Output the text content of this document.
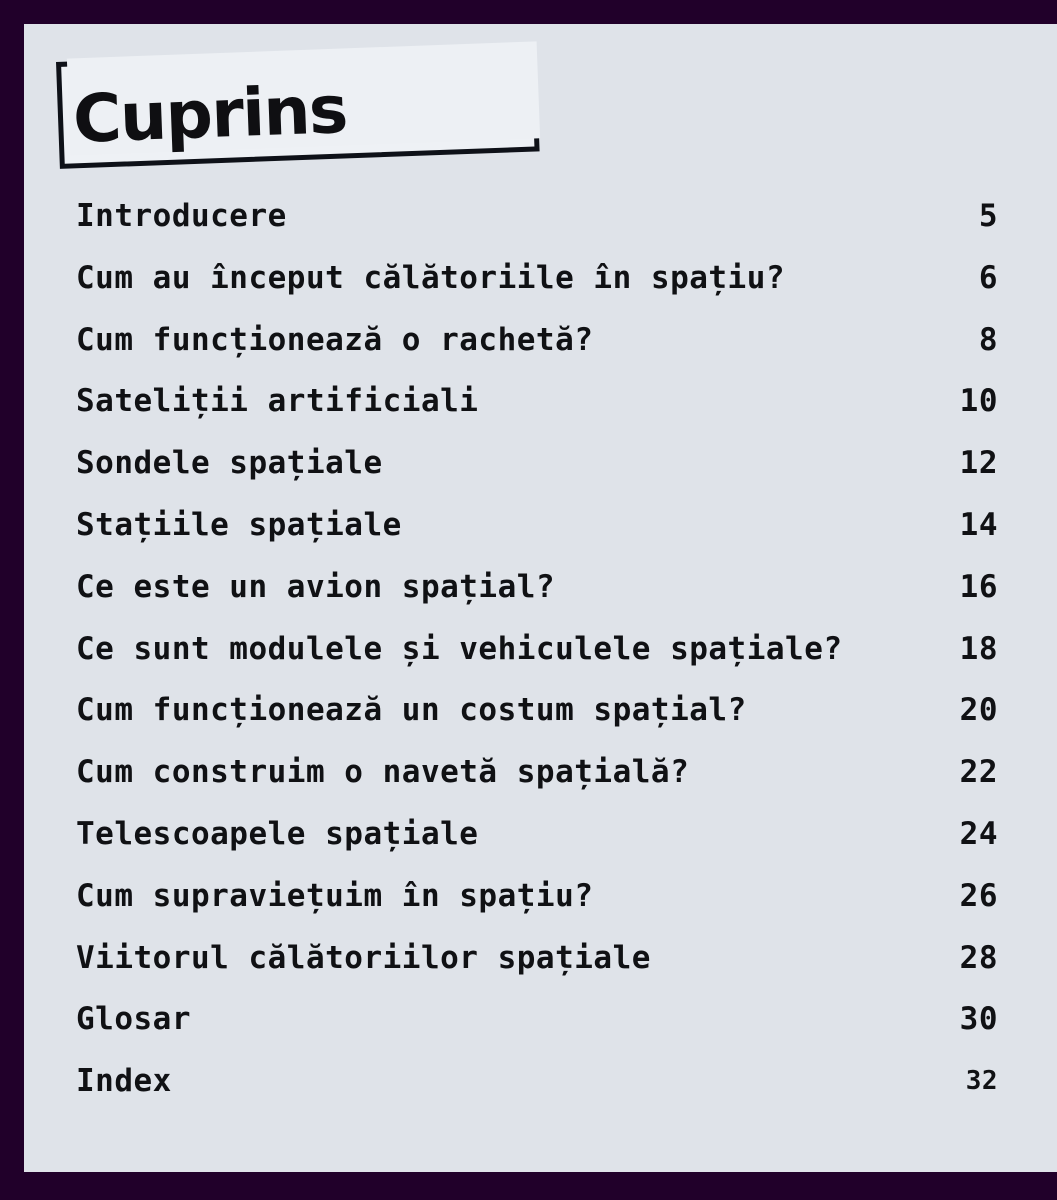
Cuprins
Introducere	5
Cum au început călătoriile în spațiu?	6
Cum funcționează o rachetă?	8
Sateliții artificiali	10
Sondele spațiale	12
Stațiile spațiale	14
Ce este un avion spațial?	16
Ce sunt modulele și vehiculele spațiale?	18
Cum funcționează un costum spațial?	20
Cum construim o navetă spațială?	22
Telescoapele spațiale	24
Cum supraviețuim în spațiu?	26
Viitorul călătoriilor spațiale	28
Glosar	30
Index	32
